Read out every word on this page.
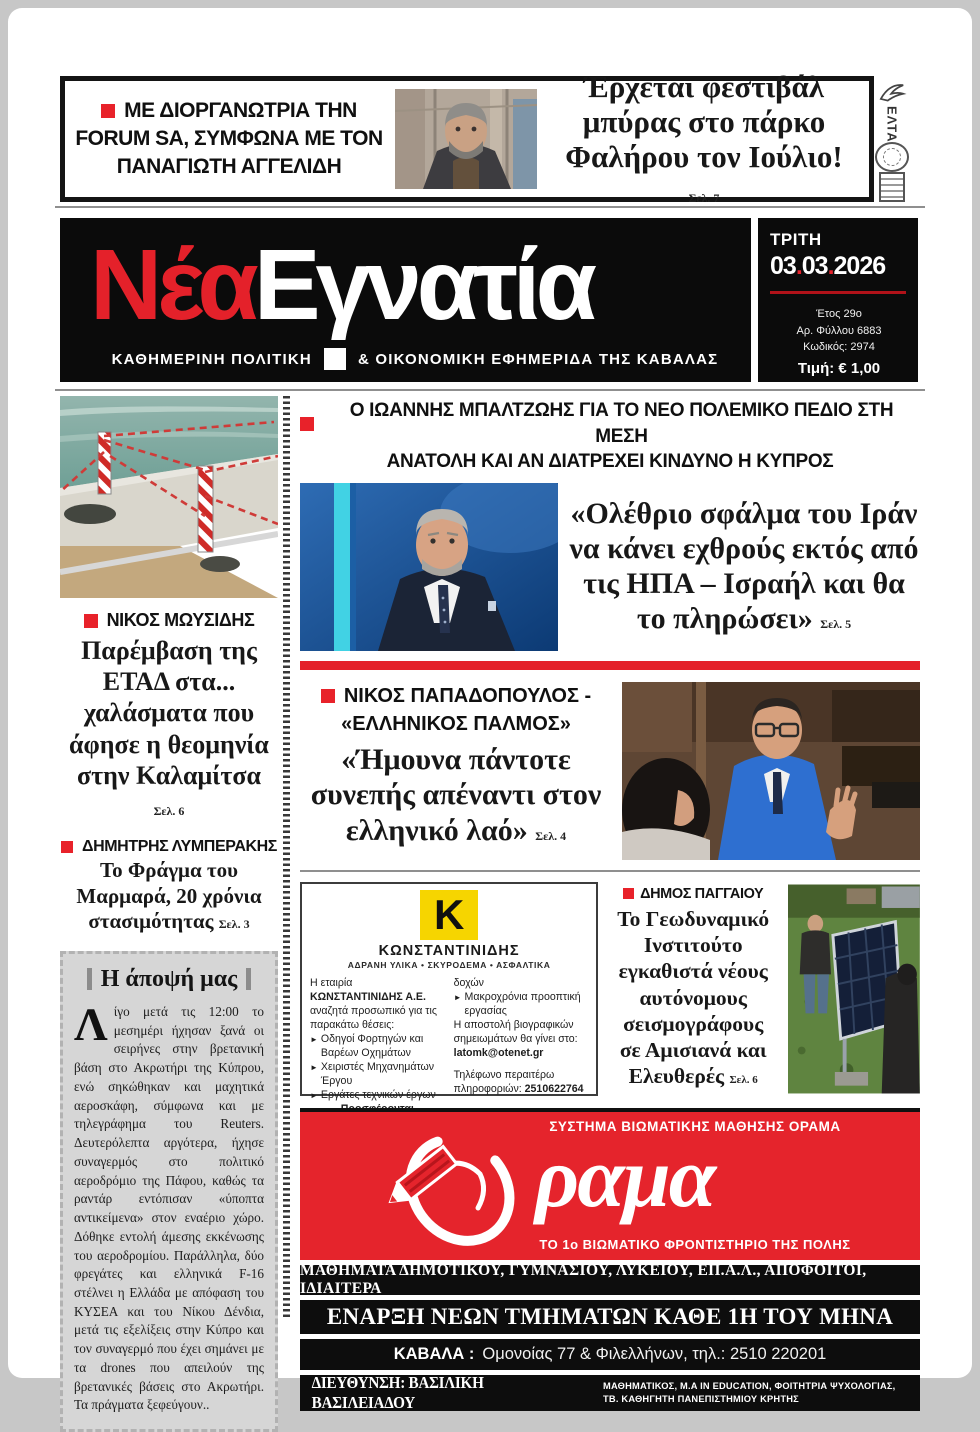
ΜΕ ΔΙΟΡΓΑΝΩΤΡΙΑ ΤΗΝ FORUM SA, ΣΥΜΦΩΝΑ ΜΕ ΤΟΝ ΠΑΝΑΓΙΩΤΗ ΑΓΓΕΛΙΔΗ
Έρχεται φεστιβάλ μπύρας στο πάρκο Φαλήρου τον Ιούλιο! Σελ. 7
ΕΛΤΑ
ΝέαΕγνατία
ΚΑΘΗΜΕΡΙΝΗ ΠΟΛΙΤΙΚΗ	& ΟΙΚΟΝΟΜΙΚΗ ΕΦΗΜΕΡΙΔΑ ΤΗΣ ΚΑΒΑΛΑΣ
ΤΡΙΤΗ
03.03.2026
Έτος 29ο
Αρ. Φύλλου 6883
Κωδικός: 2974
Τιμή: € 1,00
ΝΙΚΟΣ ΜΩΥΣΙΔΗΣ
Παρέμβαση της ΕΤΑΔ στα... χαλάσματα που άφησε η θεομηνία στην Καλαμίτσα Σελ. 6
ΔΗΜΗΤΡΗΣ ΛΥΜΠΕΡΑΚΗΣ
Το Φράγμα του Μαρμαρά, 20 χρόνια στασιμότητας Σελ. 3
Η άποψή μας
Λίγο μετά τις 12:00 το μεσημέρι ήχησαν ξανά οι σειρήνες στην βρετανική βάση στο Ακρωτήρι της Κύπρου, ενώ σηκώθηκαν και μαχητικά αεροσκάφη, σύμφωνα και με τηλεγράφημα του Reuters. Δευτερόλεπτα αργότερα, ήχησε συναγερμός στο πολιτικό αεροδρόμιο της Πάφου, καθώς τα ραντάρ εντόπισαν «ύποπτα αντικείμενα» στον εναέριο χώρο. Δόθηκε εντολή άμεσης εκκένωσης του αεροδρομίου. Παράλληλα, δύο φρεγάτες και ελληνικά F-16 στέλνει η Ελλάδα με απόφαση του ΚΥΣΕΑ και του Νίκου Δένδια, μετά τις εξελίξεις στην Κύπρο και τον συναγερμό που έχει σημάνει με τα drones που απειλούν της βρετανικές βάσεις στο Ακρωτήρι. Τα πράγματα ξεφεύγουν..
Ο ΙΩΑΝΝΗΣ ΜΠΑΛΤΖΩΗΣ ΓΙΑ ΤΟ ΝΕΟ ΠΟΛΕΜΙΚΟ ΠΕΔΙΟ ΣΤΗ ΜΕΣΗ
ΑΝΑΤΟΛΗ ΚΑΙ ΑΝ ΔΙΑΤΡΕΧΕΙ ΚΙΝΔΥΝΟ Η ΚΥΠΡΟΣ
«Ολέθριο σφάλμα του Ιράν να κάνει εχθρούς εκτός από τις ΗΠΑ – Ισραήλ και θα το πληρώσει» Σελ. 5
ΝΙΚΟΣ ΠΑΠΑΔΟΠΟΥΛΟΣ -
«ΕΛΛΗΝΙΚΟΣ ΠΑΛΜΟΣ»
«Ήμουνα πάντοτε συνεπής απέναντι στον ελληνικό λαό» Σελ. 4
K
ΚΩΝΣΤΑΝΤΙΝΙΔΗΣ
ΑΔΡΑΝΗ ΥΛΙΚΑ • ΣΚΥΡΟΔΕΜΑ • ΑΣΦΑΛΤΙΚΑ
Η εταιρία ΚΩΝΣΤΑΝΤΙΝΙΔΗΣ Α.Ε. αναζητά προσωπικό για τις παρακάτω θέσεις:
► Οδηγοί Φορτηγών και Βαρέων Οχημάτων
► Χειριστές Μηχανημάτων Έργου
► Εργάτες τεχνικών έργων
δοχών
► Μακροχρόνια προοπτική εργασίας
Η αποστολή βιογραφικών σημειωμάτων θα γίνει στο:
latomk@otenet.gr
Τηλέφωνο περαιτέρω πληροφοριών: 2510622764
ΔΗΜΟΣ ΠΑΓΓΑΙΟΥ
Το Γεωδυναμικό Ινστιτούτο εγκαθιστά νέους αυτόνομους σεισμογράφους σε Αμισιανά και Ελευθερές Σελ. 6
ΣΥΣΤΗΜΑ ΒΙΩΜΑΤΙΚΗΣ ΜΑΘΗΣΗΣ ΟΡΑΜΑ
ραμα
ΤΟ 1ο ΒΙΩΜΑΤΙΚΟ ΦΡΟΝΤΙΣΤΗΡΙΟ ΤΗΣ ΠΟΛΗΣ
ΜΑΘΗΜΑΤΑ ΔΗΜΟΤΙΚΟΥ, ΓΥΜΝΑΣΙΟΥ, ΛΥΚΕΙΟΥ, ΕΠ.Α.Λ., ΑΠΟΦΟΙΤΟΙ, ΙΔΙΑΙΤΕΡΑ
ΕΝΑΡΞΗ ΝΕΩΝ ΤΜΗΜΑΤΩΝ ΚΑΘΕ 1Η ΤΟΥ ΜΗΝΑ
ΚΑΒΑΛΑ : Ομονοίας 77 & Φιλελλήνων, τηλ.: 2510 220201
ΔΙΕΥΘΥΝΣΗ: ΒΑΣΙΛΙΚΗ ΒΑΣΙΛΕΙΑΔΟΥ
ΜΑΘΗΜΑΤΙΚΟΣ, M.A IN EDUCATION, ΦΟΙΤΗΤΡΙΑ ΨΥΧΟΛΟΓΙΑΣ,
ΤΒ. ΚΑΘΗΓΗΤΗ ΠΑΝΕΠΙΣΤΗΜΙΟΥ ΚΡΗΤΗΣ
